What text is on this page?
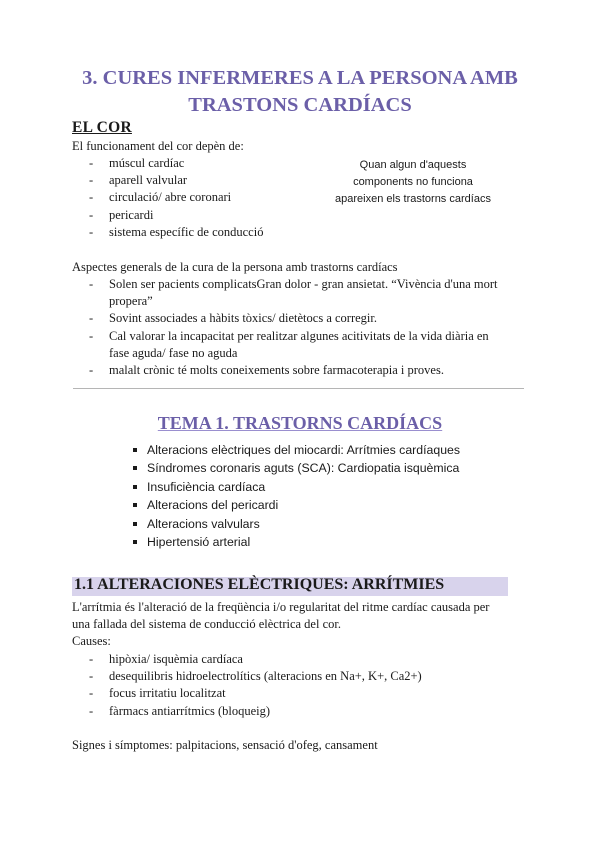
3. CURES INFERMERES A LA PERSONA AMB
TRASTONS CARDÍACS
EL COR
El funcionament del cor depèn de:
- múscul cardíac
- aparell valvular
- circulació/ abre coronari
- pericardi
- sistema específic de conducció
Quan algun d'aquests
components no funciona
apareixen els trastorns cardíacs
Aspectes generals de la cura de la persona amb trastorns cardíacs
- Solen ser pacients complicatsGran dolor - gran ansietat. “Vivència d'una mort
propera”
- Sovint associades a hàbits tòxics/ dietètocs a corregir.
- Cal valorar la incapacitat per realitzar algunes acitivitats de la vida diària en
fase aguda/ fase no aguda
- malalt crònic té molts coneixements sobre farmacoterapia i proves.
TEMA 1. TRASTORNS CARDÍACS
Alteracions elèctriques del miocardi: Arrítmies cardíaques
Síndromes coronaris aguts (SCA): Cardiopatia isquèmica
Insuficiència cardíaca
Alteracions del pericardi
Alteracions valvulars
Hipertensió arterial
1.1 ALTERACIONES ELÈCTRIQUES: ARRÍTMIES
L'arrítmia és l'alteració de la freqüència i/o regularitat del ritme cardíac causada per
una fallada del sistema de conducció elèctrica del cor.
Causes:
- hipòxia/ isquèmia cardíaca
- desequilibris hidroelectrolítics (alteracions en Na+, K+, Ca2+)
- focus irritatiu localitzat
- fàrmacs antiarrítmics (bloqueig)
Signes i símptomes: palpitacions, sensació d'ofeg, cansament
